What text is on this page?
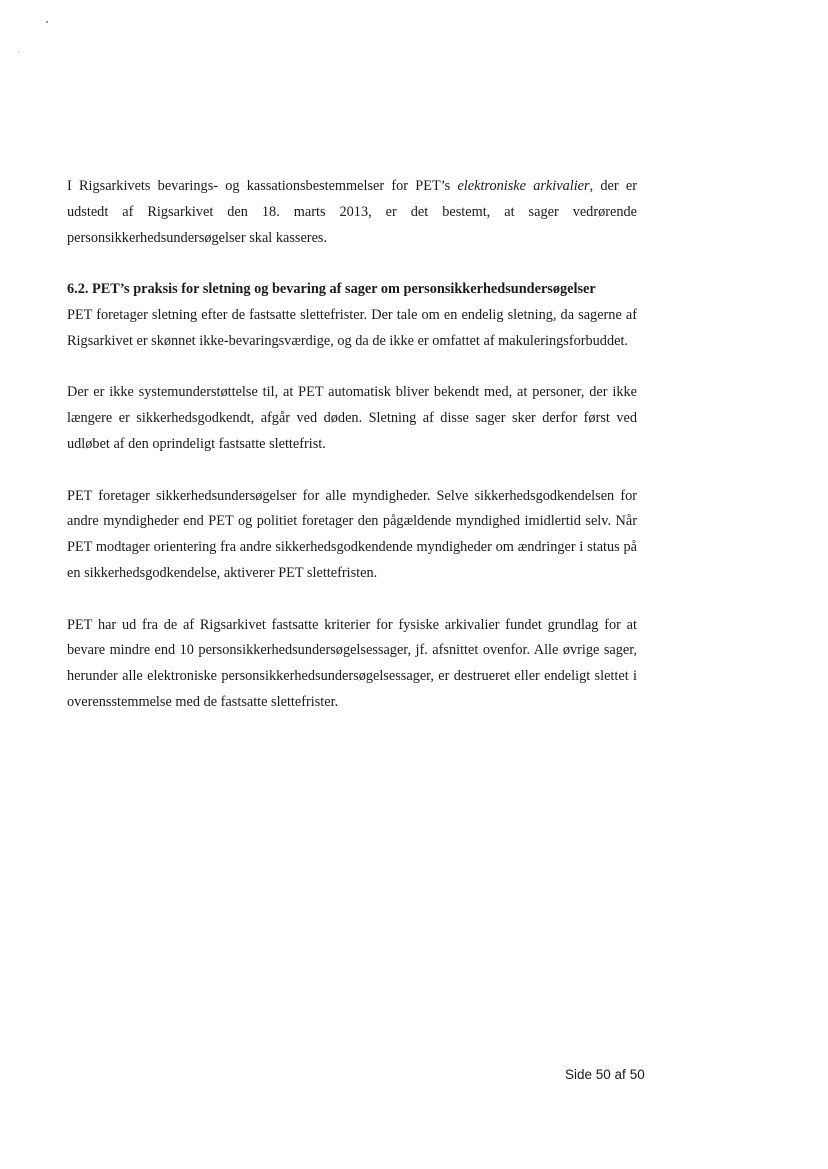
I Rigsarkivets bevarings- og kassationsbestemmelser for PET’s elektroniske arkivalier, der er udstedt af Rigsarkivet den 18. marts 2013, er det bestemt, at sager vedrørende personsikkerhedsundersøgelser skal kasseres.

6.2. PET’s praksis for sletning og bevaring af sager om personsikkerhedsundersøgelser

PET foretager sletning efter de fastsatte slettefrister. Der tale om en endelig sletning, da sagerne af Rigsarkivet er skønnet ikke-bevaringsværdige, og da de ikke er omfattet af makuleringsforbuddet.

Der er ikke systemunderstøttelse til, at PET automatisk bliver bekendt med, at personer, der ikke længere er sikkerhedsgodkendt, afgår ved døden. Sletning af disse sager sker derfor først ved udløbet af den oprindeligt fastsatte slettefrist.

PET foretager sikkerhedsundersøgelser for alle myndigheder. Selve sikkerhedsgodkendelsen for andre myndigheder end PET og politiet foretager den pågældende myndighed imidlertid selv. Når PET modtager orientering fra andre sikkerhedsgodkendende myndigheder om ændringer i status på en sikkerhedsgodkendelse, aktiverer PET slettefristen.

PET har ud fra de af Rigsarkivet fastsatte kriterier for fysiske arkivalier fundet grundlag for at bevare mindre end 10 personsikkerhedsundersøgelsessager, jf. afsnittet ovenfor. Alle øvrige sager, herunder alle elektroniske personsikkerhedsundersøgelsessager, er destrueret eller endeligt slettet i overensstemmelse med de fastsatte slettefrister.

Side 50 af 50
